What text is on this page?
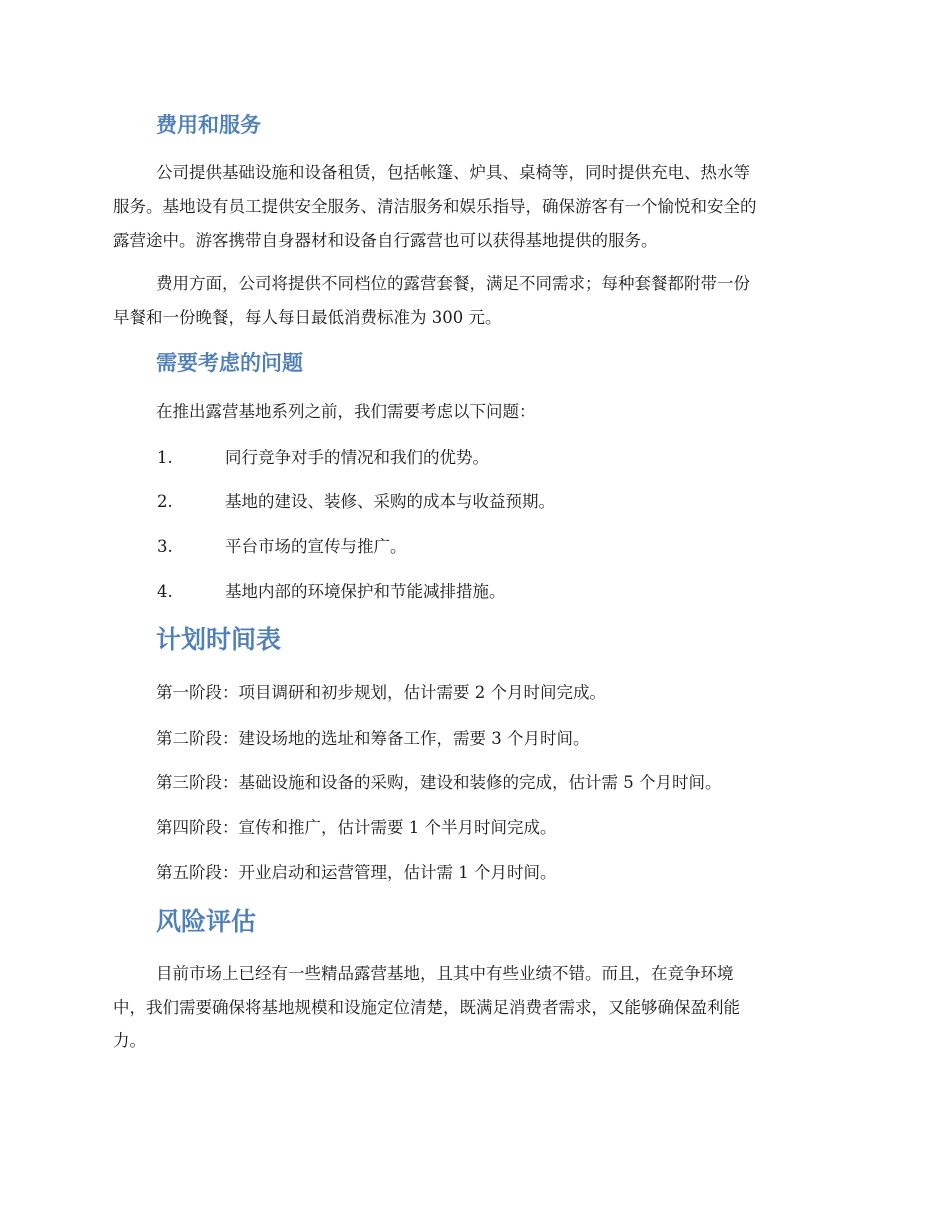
费用和服务

公司提供基础设施和设备租赁，包括帐篷、炉具、桌椅等，同时提供充电、热水等

服务。基地设有员工提供安全服务、清洁服务和娱乐指导，确保游客有一个愉悦和安全的

露营途中。游客携带自身器材和设备自行露营也可以获得基地提供的服务。

费用方面，公司将提供不同档位的露营套餐，满足不同需求；每种套餐都附带一份

早餐和一份晚餐，每人每日最低消费标准为 300 元。

需要考虑的问题

在推出露营基地系列之前，我们需要考虑以下问题：

1.	同行竞争对手的情况和我们的优势。
2.	基地的建设、装修、采购的成本与收益预期。
3.	平台市场的宣传与推广。
4.	基地内部的环境保护和节能减排措施。
计划时间表

第一阶段：项目调研和初步规划，估计需要 2 个月时间完成。

第二阶段：建设场地的选址和筹备工作，需要 3 个月时间。

第三阶段：基础设施和设备的采购，建设和装修的完成，估计需 5 个月时间。

第四阶段：宣传和推广，估计需要 1 个半月时间完成。

第五阶段：开业启动和运营管理，估计需 1 个月时间。

风险评估

目前市场上已经有一些精品露营基地，且其中有些业绩不错。而且，在竞争环境

中，我们需要确保将基地规模和设施定位清楚，既满足消费者需求，又能够确保盈利能

力。
